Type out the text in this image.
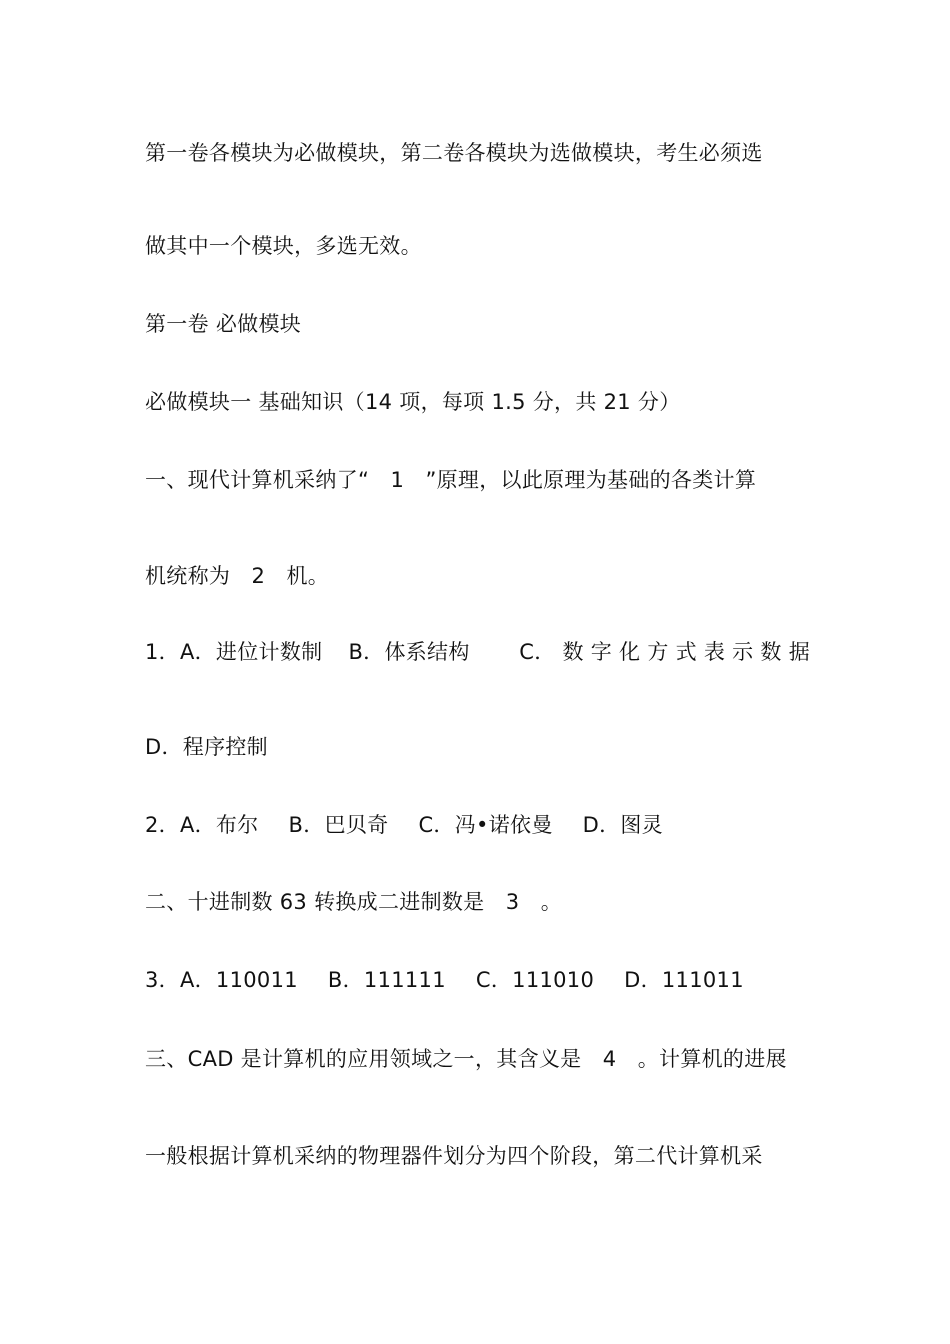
第一卷各模块为必做模块，第二卷各模块为选做模块，考生必须选
做其中一个模块，多选无效。
第一卷 必做模块
必做模块一 基础知识（14 项，每项 1.5 分，共 21 分）
一、现代计算机采纳了“　1　”原理，以此原理为基础的各类计算
机统称为　2　机。
1．A．进位计数制 B．体系结构 C． 数 字 化 方 式 表 示 数 据
D．程序控制
2．A．布尔 B．巴贝奇 C．冯•诺依曼 D．图灵
二、十进制数 63 转换成二进制数是　3　。
3．A．110011 B．111111 C．111010 D．111011
三、CAD 是计算机的应用领域之一，其含义是　4　。计算机的进展
一般根据计算机采纳的物理器件划分为四个阶段，第二代计算机采
